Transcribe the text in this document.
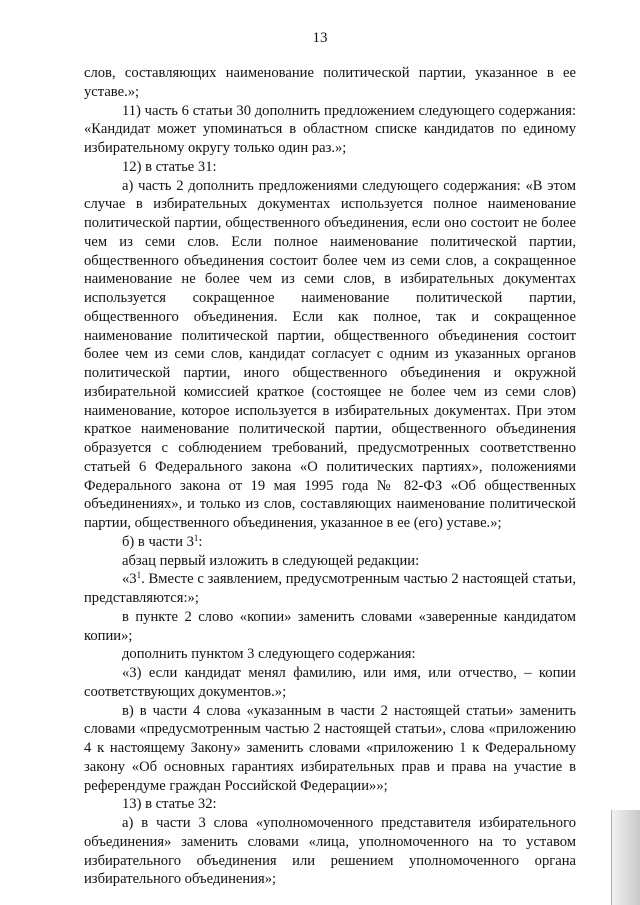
13

слов, составляющих наименование политической партии, указанное в ее уставе.»;

11) часть 6 статьи 30 дополнить предложением следующего содержания: «Кандидат может упоминаться в областном списке кандидатов по единому избирательному округу только один раз.»;

12) в статье 31:

а) часть 2 дополнить предложениями следующего содержания: «В этом случае в избирательных документах используется полное наименование политической партии, общественного объединения, если оно состоит не более чем из семи слов. Если полное наименование политической партии, общественного объединения состоит более чем из семи слов, а сокращенное наименование не более чем из семи слов, в избирательных документах используется сокращенное наименование политической партии, общественного объединения. Если как полное, так и сокращенное наименование политической партии, общественного объединения состоит более чем из семи слов, кандидат согласует с одним из указанных органов политической партии, иного общественного объединения и окружной избирательной комиссией краткое (состоящее не более чем из семи слов) наименование, которое используется в избирательных документах. При этом краткое наименование политической партии, общественного объединения образуется с соблюдением требований, предусмотренных соответственно статьей 6 Федерального закона «О политических партиях», положениями Федерального закона от 19 мая 1995 года № 82-ФЗ «Об общественных объединениях», и только из слов, составляющих наименование политической партии, общественного объединения, указанное в ее (его) уставе.»;

б) в части $3^1$:

абзац первый изложить в следующей редакции:

«$3^1$. Вместе с заявлением, предусмотренным частью 2 настоящей статьи, представляются:»;

в пункте 2 слово «копии» заменить словами «заверенные кандидатом копии»;

дополнить пунктом 3 следующего содержания:

«3) если кандидат менял фамилию, или имя, или отчество, – копии соответствующих документов.»;

в) в части 4 слова «указанным в части 2 настоящей статьи» заменить словами «предусмотренным частью 2 настоящей статьи», слова «приложению 4 к настоящему Закону» заменить словами «приложению 1 к Федеральному закону «Об основных гарантиях избирательных прав и права на участие в референдуме граждан Российской Федерации»»;

13) в статье 32:

а) в части 3 слова «уполномоченного представителя избирательного объединения» заменить словами «лица, уполномоченного на то уставом избирательного объединения или решением уполномоченного органа избирательного объединения»;
